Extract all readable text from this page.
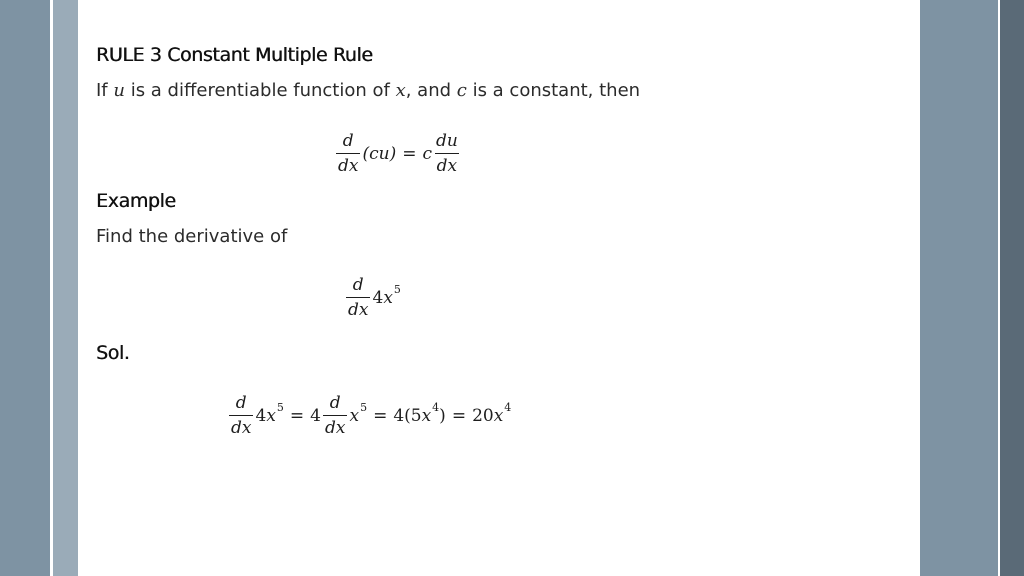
RULE 3 Constant Multiple Rule
If u is a differentiable function of x, and c is a constant, then
$\frac{d}{dx} (cu) = c \frac{du}{dx}$
Example
Find the derivative of
$\frac{d}{dx} 4$ x 5
Sol.
$\frac{d}{dx} 4$ x $5 = 4 \frac{d}{dx}$ x 5 = 4(5 x 4 ) = 20 x 4
